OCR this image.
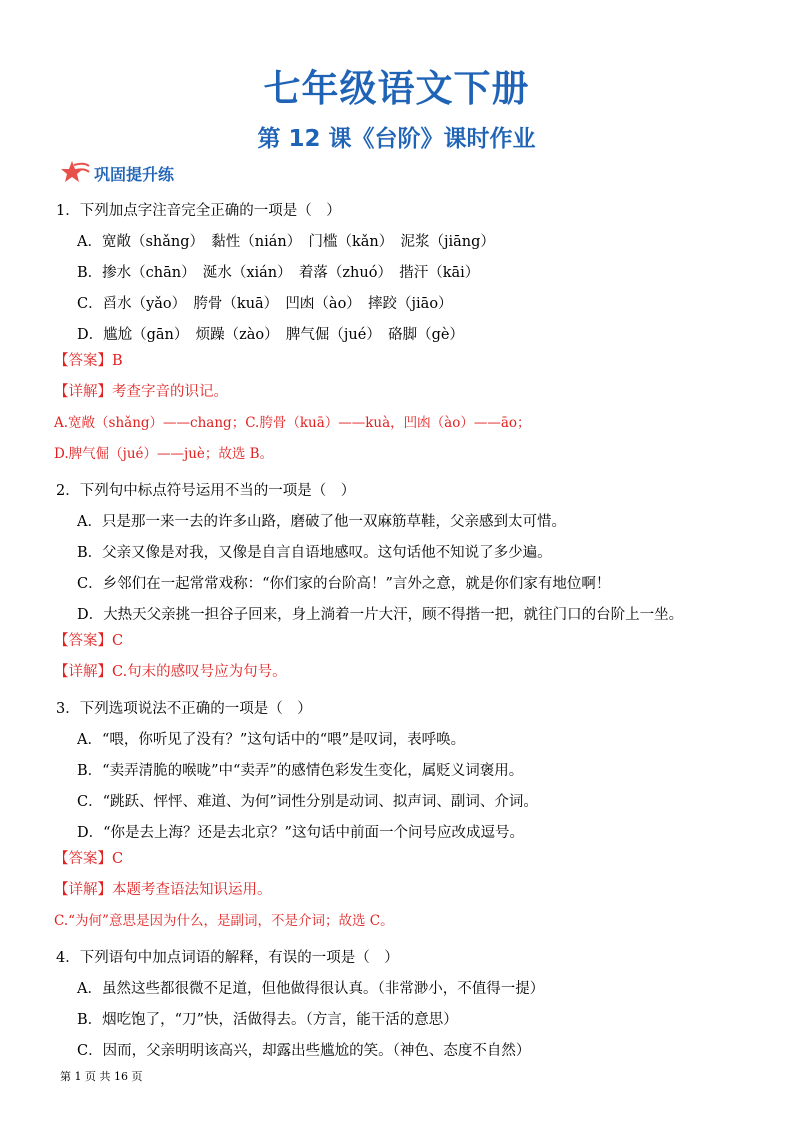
七年级语文下册
第 12 课《台阶》课时作业
巩固提升练
1．下列加点字注音完全正确的一项是（　）
A．宽敞（shǎng）　黏性（nián）　门槛（kǎn）　泥浆（jiāng）
B．掺水（chān）　涎水（xián）　着落（zhuó）　揩汗（kāi）
C．舀水（yǎo）　胯骨（kuā）　凹凼（ào）　摔跤（jiāo）
D．尴尬（gān）　烦躁（zào）　脾气倔（jué）　硌脚（gè）
【答案】B
【详解】考查字音的识记。
A.宽敞（shǎng）——chang；C.胯骨（kuā）——kuà，凹凼（ào）——āo；
D.脾气倔（jué）——juè；故选 B。
2．下列句中标点符号运用不当的一项是（　）
A．只是那一来一去的许多山路，磨破了他一双麻筋草鞋，父亲感到太可惜。
B．父亲又像是对我，又像是自言自语地感叹。这句话他不知说了多少遍。
C．乡邻们在一起常常戏称：“你们家的台阶高！”言外之意，就是你们家有地位啊！
D．大热天父亲挑一担谷子回来，身上淌着一片大汗，顾不得揩一把，就往门口的台阶上一坐。
【答案】C
【详解】C.句末的感叹号应为句号。
3．下列选项说法不正确的一项是（　）
A．“喂，你听见了没有？”这句话中的“喂”是叹词，表呼唤。
B．“卖弄清脆的喉咙”中“卖弄”的感情色彩发生变化，属贬义词褒用。
C．“跳跃、怦怦、难道、为何”词性分别是动词、拟声词、副词、介词。
D．“你是去上海？还是去北京？”这句话中前面一个问号应改成逗号。
【答案】C
【详解】本题考查语法知识运用。
C.“为何”意思是因为什么，是副词，不是介词；故选 C。
4．下列语句中加点词语的解释，有误的一项是（　）
A．虽然这些都很微不足道，但他做得很认真。（非常渺小，不值得一提）
B．烟吃饱了，“刀”快，活做得去。（方言，能干活的意思）
C．因而，父亲明明该高兴，却露出些尴尬的笑。（神色、态度不自然）
第 1 页 共 16 页
